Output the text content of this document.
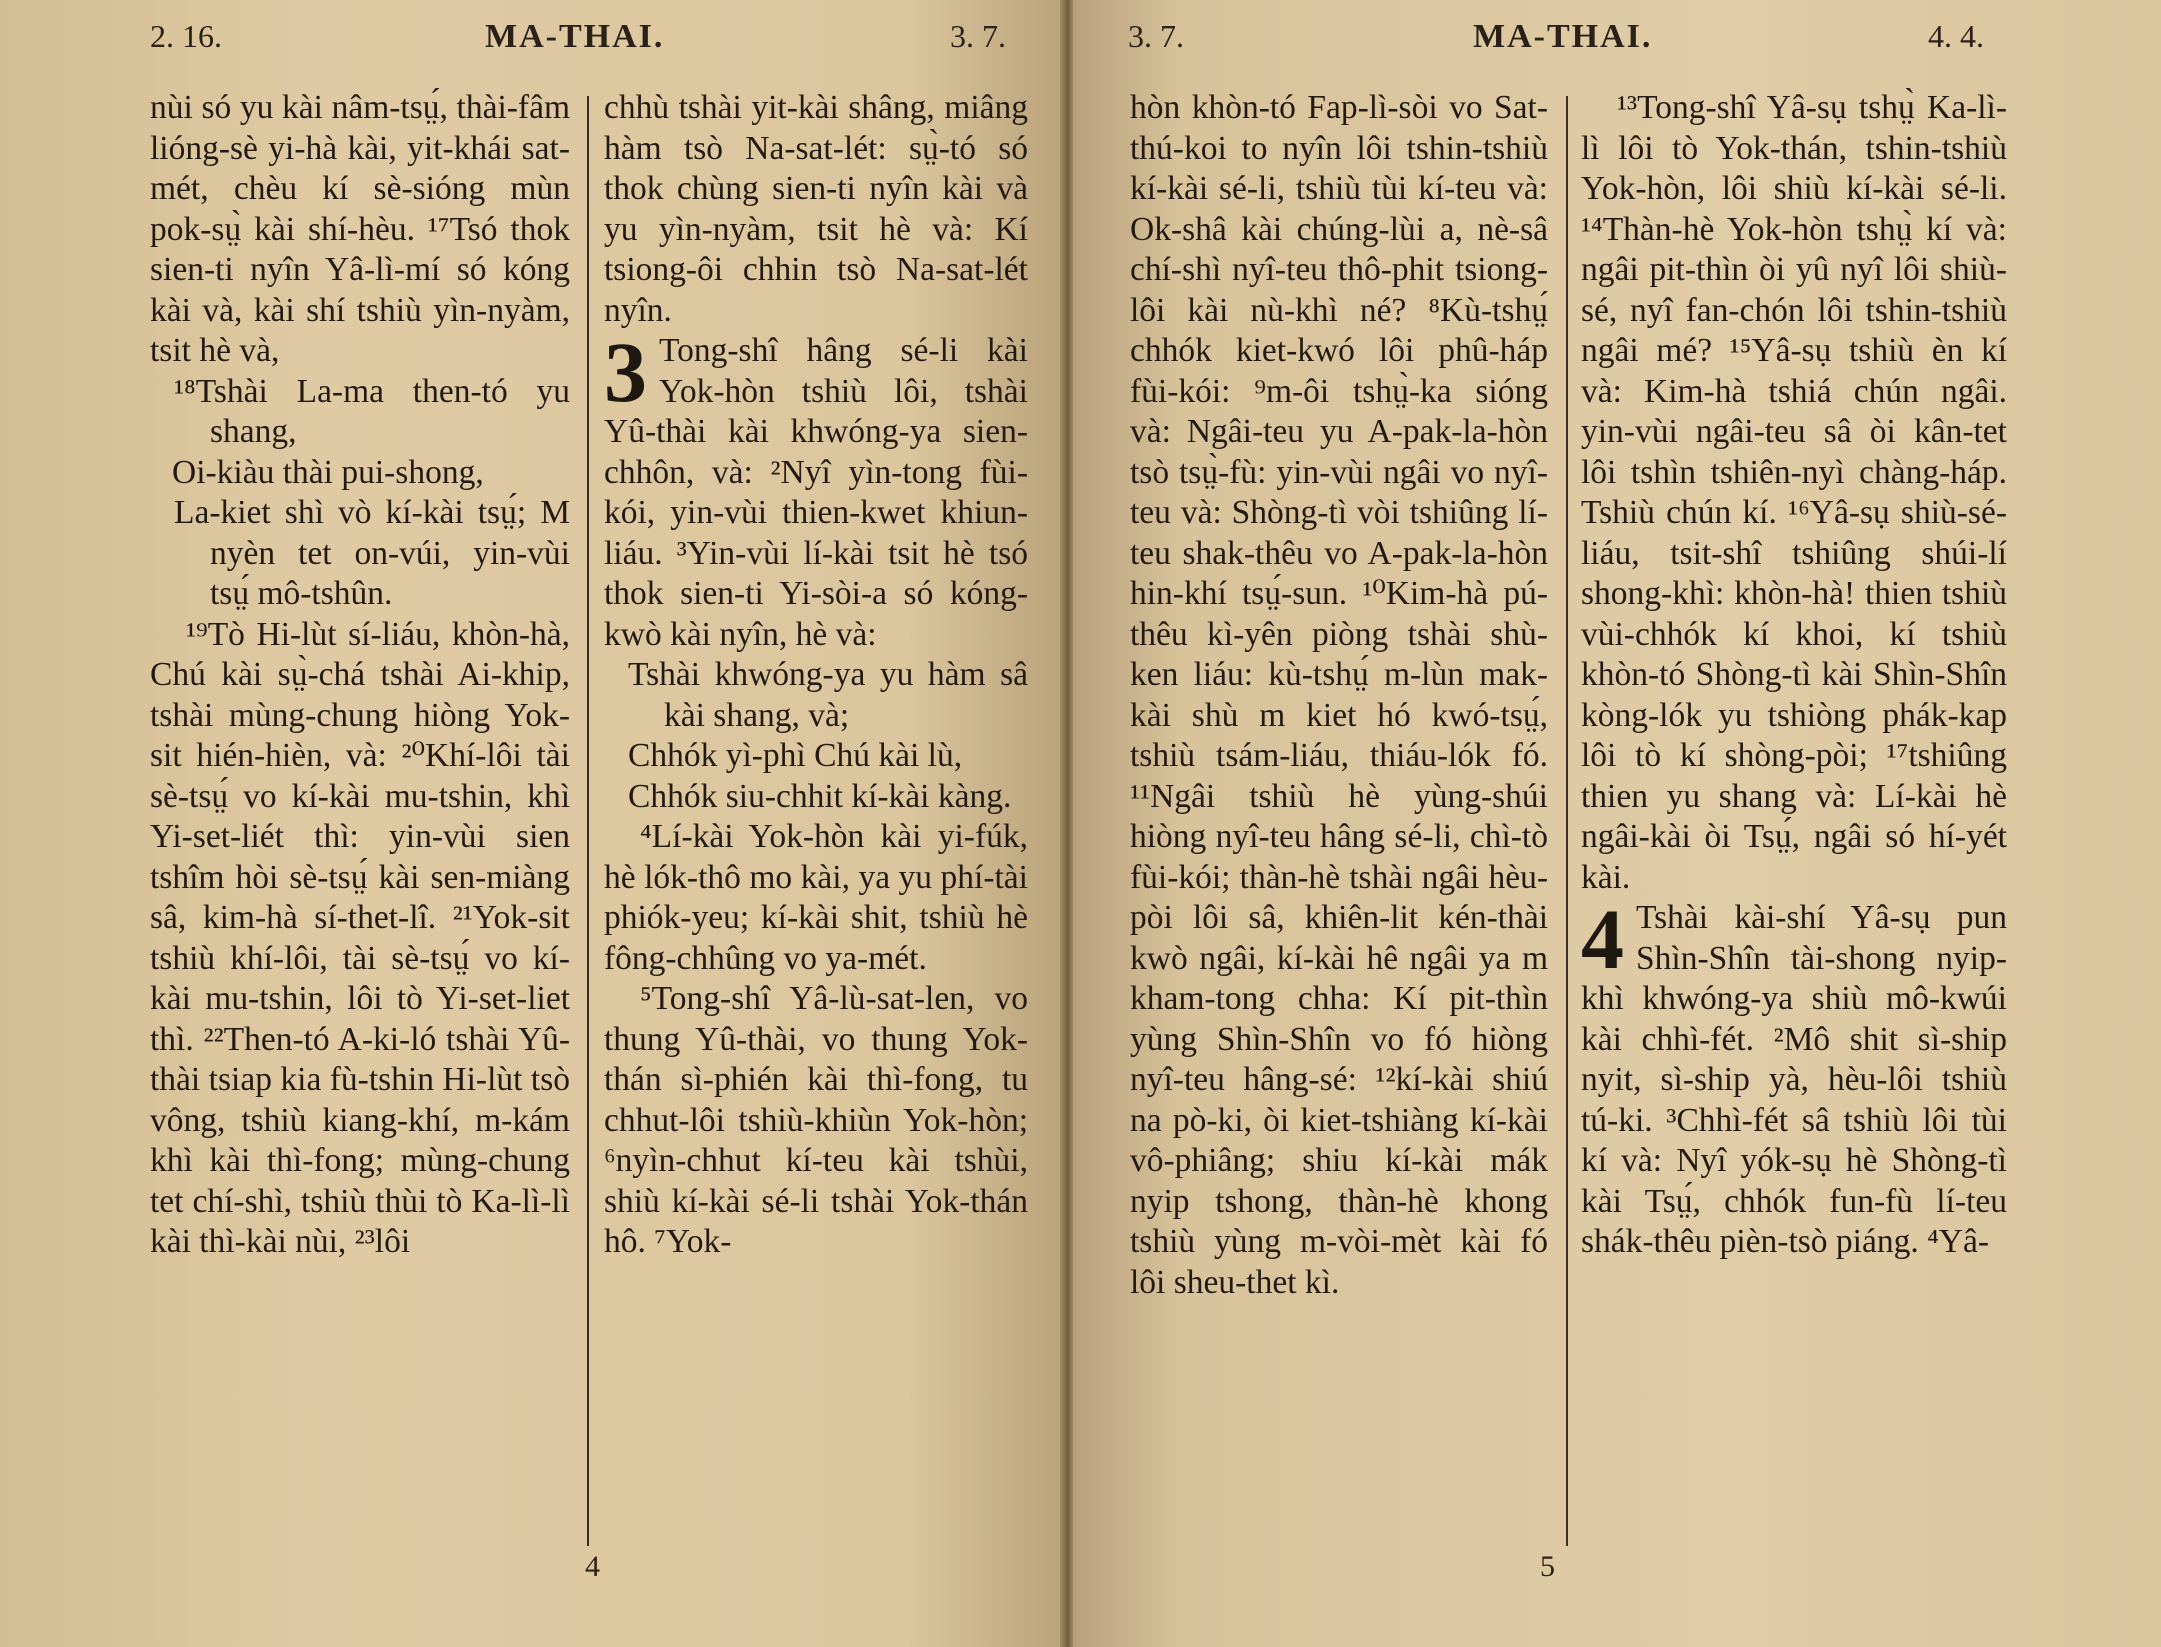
2. 16.	MA-THAI.	3. 7.

nùi só yu kài nâm-tsṳ́, thài-fâm lióng-sè yi-hà kài, yit-khái sat-mét, chèu kí sè-sióng mùn pok-sṳ̀ kài shí-hèu. ¹⁷Tsó thok sien-ti nyîn Yâ-lì-mí só kóng kài và, kài shí tshiù yìn-nyàm, tsit hè và,

¹⁸Tshài La-ma then-tó yu shang,

Oi-kiàu thài pui-shong,

La-kiet shì vò kí-kài tsṳ́; M nyèn tet on-vúi, yin-vùi tsṳ́ mô-tshûn.

¹⁹Tò Hi-lùt sí-liáu, khòn-hà, Chú kài sṳ̀-chá tshài Ai-khip, tshài mùng-chung hiòng Yok-sit hién-hièn, và: ²⁰Khí-lôi tài sè-tsṳ́ vo kí-kài mu-tshin, khì Yi-set-liét thì: yin-vùi sien tshîm hòi sè-tsṳ́ kài sen-miàng sâ, kim-hà sí-thet-lî. ²¹Yok-sit tshiù khí-lôi, tài sè-tsṳ́ vo kí-kài mu-tshin, lôi tò Yi-set-liet thì. ²²Then-tó A-ki-ló tshài Yû-thài tsiap kia fù-tshin Hi-lùt tsò vông, tshiù kiang-khí, m-kám khì kài thì-fong; mùng-chung tet chí-shì, tshiù thùi tò Ka-lì-lì kài thì-kài nùi, ²³lôi

chhù tshài yit-kài shâng, miâng hàm tsò Na-sat-lét: sṳ̀-tó só thok chùng sien-ti nyîn kài và yu yìn-nyàm, tsit hè và: Kí tsiong-ôi chhin tsò Na-sat-lét nyîn.

3 Tong-shî hâng sé-li kài Yok-hòn tshiù lôi, tshài Yû-thài kài khwóng-ya sien-chhôn, và: ²Nyî yìn-tong fùi-kói, yin-vùi thien-kwet khiun-liáu. ³Yin-vùi lí-kài tsit hè tsó thok sien-ti Yi-sòi-a só kóng-kwò kài nyîn, hè và:

Tshài khwóng-ya yu hàm sâ kài shang, và;

Chhók yì-phì Chú kài lù,

Chhók siu-chhit kí-kài kàng.

⁴Lí-kài Yok-hòn kài yi-fúk, hè lók-thô mo kài, ya yu phí-tài phiók-yeu; kí-kài shit, tshiù hè fông-chhûng vo ya-mét.

⁵Tong-shî Yâ-lù-sat-len, vo thung Yû-thài, vo thung Yok-thán sì-phién kài thì-fong, tu chhut-lôi tshiù-khiùn Yok-hòn; ⁶nyìn-chhut kí-teu kài tshùi, shiù kí-kài sé-li tshài Yok-thán hô. ⁷Yok-

4
3. 7.	MA-THAI.	4. 4.

hòn khòn-tó Fap-lì-sòi vo Sat-thú-koi to nyîn lôi tshin-tshiù kí-kài sé-li, tshiù tùi kí-teu và: Ok-shâ kài chúng-lùi a, nè-sâ chí-shì nyî-teu thô-phit tsiong-lôi kài nù-khì né? ⁸Kù-tshṳ́ chhók kiet-kwó lôi phû-háp fùi-kói: ⁹m-ôi tshṳ̀-ka sióng và: Ngâi-teu yu A-pak-la-hòn tsò tsṳ̀-fù: yin-vùi ngâi vo nyî-teu và: Shòng-tì vòi tshiûng lí-teu shak-thêu vo A-pak-la-hòn hin-khí tsṳ́-sun. ¹⁰Kim-hà pú-thêu kì-yên piòng tshài shù-ken liáu: kù-tshṳ́ m-lùn mak-kài shù m kiet hó kwó-tsṳ́, tshiù tsám-liáu, thiáu-lók fó. ¹¹Ngâi tshiù hè yùng-shúi hiòng nyî-teu hâng sé-li, chì-tò fùi-kói; thàn-hè tshài ngâi hèu-pòi lôi sâ, khiên-lit kén-thài kwò ngâi, kí-kài hê ngâi ya m kham-tong chha: Kí pit-thìn yùng Shìn-Shîn vo fó hiòng nyî-teu hâng-sé: ¹²kí-kài shiú na pò-ki, òi kiet-tshiàng kí-kài vô-phiâng; shiu kí-kài mák nyip tshong, thàn-hè khong tshiù yùng m-vòi-mèt kài fó lôi sheu-thet kì.

¹³Tong-shî Yâ-sụ tshṳ̀ Ka-lì-lì lôi tò Yok-thán, tshin-tshiù Yok-hòn, lôi shiù kí-kài sé-li. ¹⁴Thàn-hè Yok-hòn tshṳ̀ kí và: ngâi pit-thìn òi yû nyî lôi shiù-sé, nyî fan-chón lôi tshin-tshiù ngâi mé? ¹⁵Yâ-sụ tshiù èn kí và: Kim-hà tshiá chún ngâi. yin-vùi ngâi-teu sâ òi kân-tet lôi tshìn tshiên-nyì chàng-háp. Tshiù chún kí. ¹⁶Yâ-sụ shiù-sé-liáu, tsit-shî tshiûng shúi-lí shong-khì: khòn-hà! thien tshiù vùi-chhók kí khoi, kí tshiù khòn-tó Shòng-tì kài Shìn-Shîn kòng-lók yu tshiòng phák-kap lôi tò kí shòng-pòi; ¹⁷tshiûng thien yu shang và: Lí-kài hè ngâi-kài òi Tsṳ́, ngâi só hí-yét kài.

4 Tshài kài-shí Yâ-sụ pun Shìn-Shîn tài-shong nyip-khì khwóng-ya shiù mô-kwúi kài chhì-fét. ²Mô shit sì-ship nyit, sì-ship yà, hèu-lôi tshiù tú-ki. ³Chhì-fét sâ tshiù lôi tùi kí và: Nyî yók-sụ hè Shòng-tì kài Tsṳ́, chhók fun-fù lí-teu shák-thêu pièn-tsò piáng. ⁴Yâ-

5
